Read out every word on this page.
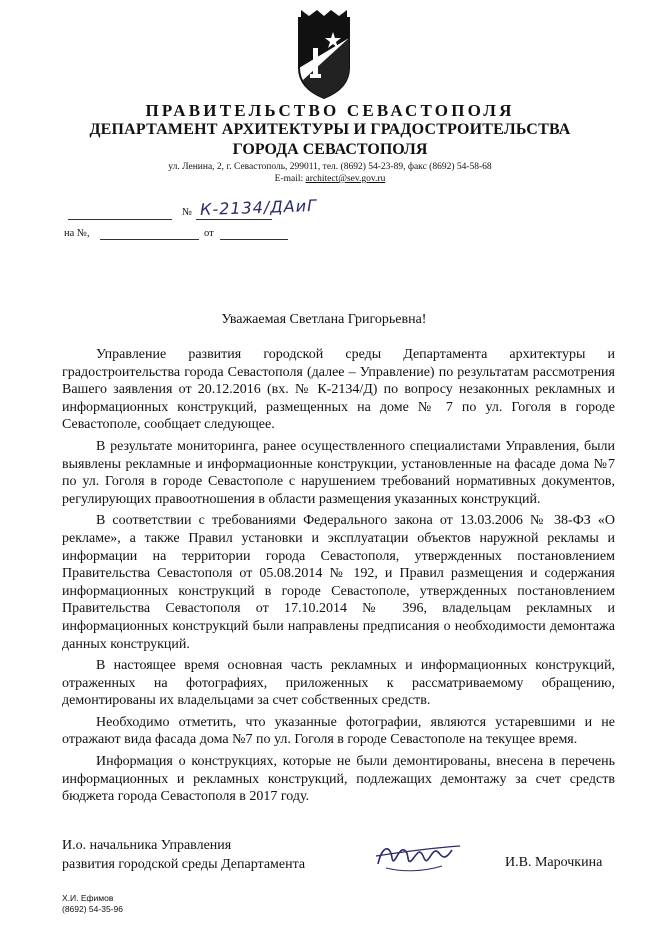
ПРАВИТЕЛЬСТВО СЕВАСТОПОЛЯ
ДЕПАРТАМЕНТ АРХИТЕКТУРЫ И ГРАДОСТРОИТЕЛЬСТВА
ГОРОДА СЕВАСТОПОЛЯ
ул. Ленина, 2, г. Севастополь, 299011, тел. (8692) 54-23-89, факс (8692) 54-58-68
E-mail: architect@sev.gov.ru
№ К-2134/ДАиГ
на №,	от
Уважаемая Светлана Григорьевна!

Управление развития городской среды Департамента архитектуры и градостроительства города Севастополя (далее – Управление) по результатам рассмотрения Вашего заявления от 20.12.2016 (вх. № К-2134/Д) по вопросу незаконных рекламных и информационных конструкций, размещенных на доме № 7 по ул. Гоголя в городе Севастополе, сообщает следующее.

В результате мониторинга, ранее осуществленного специалистами Управления, были выявлены рекламные и информационные конструкции, установленные на фасаде дома №7 по ул. Гоголя в городе Севастополе с нарушением требований нормативных документов, регулирующих правоотношения в области размещения указанных конструкций.

В соответствии с требованиями Федерального закона от 13.03.2006 № 38-ФЗ «О рекламе», а также Правил установки и эксплуатации объектов наружной рекламы и информации на территории города Севастополя, утвержденных постановлением Правительства Севастополя от 05.08.2014 № 192, и Правил размещения и содержания информационных конструкций в городе Севастополе, утвержденных постановлением Правительства Севастополя от 17.10.2014 № 396, владельцам рекламных и информационных конструкций были направлены предписания о необходимости демонтажа данных конструкций.

В настоящее время основная часть рекламных и информационных конструкций, отраженных на фотографиях, приложенных к рассматриваемому обращению, демонтированы их владельцами за счет собственных средств.

Необходимо отметить, что указанные фотографии, являются устаревшими и не отражают вида фасада дома №7 по ул. Гоголя в городе Севастополе на текущее время.

Информация о конструкциях, которые не были демонтированы, внесена в перечень информационных и рекламных конструкций, подлежащих демонтажу за счет средств бюджета города Севастополя в 2017 году.

И.о. начальника Управления
развития городской среды Департамента	И.В. Марочкина
Х.И. Ефимов
(8692) 54-35-96
